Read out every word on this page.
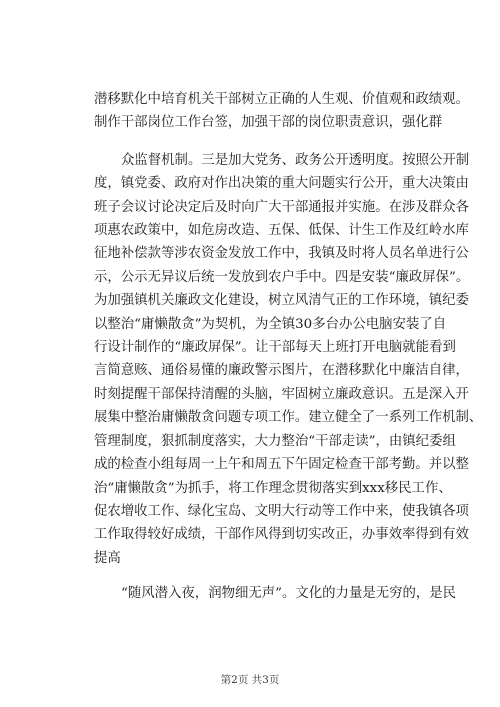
潜移默化中培育机关干部树立正确的人生观、价值观和政绩观。
制作干部岗位工作台签，加强干部的岗位职责意识，强化群
众监督机制。三是加大党务、政务公开透明度。按照公开制
度，镇党委、政府对作出决策的重大问题实行公开，重大决策由
班子会议讨论决定后及时向广大干部通报并实施。在涉及群众各
项惠农政策中，如危房改造、五保、低保、计生工作及红岭水库
征地补偿款等涉农资金发放工作中，我镇及时将人员名单进行公
示，公示无异议后统一发放到农户手中。四是安装“廉政屏保”。
为加强镇机关廉政文化建设，树立风清气正的工作环境，镇纪委
以整治“庸懒散贪”为契机，为全镇30多台办公电脑安装了自
行设计制作的“廉政屏保”。让干部每天上班打开电脑就能看到
言简意赅、通俗易懂的廉政警示图片，在潜移默化中廉洁自律，
时刻提醒干部保持清醒的头脑，牢固树立廉政意识。五是深入开
展集中整治庸懒散贪问题专项工作。建立健全了一系列工作机制、
管理制度，狠抓制度落实，大力整治“干部走读”，由镇纪委组
成的检查小组每周一上午和周五下午固定检查干部考勤。并以整
治“庸懒散贪”为抓手，将工作理念贯彻落实到xxx移民工作、
促农增收工作、绿化宝岛、文明大行动等工作中来，使我镇各项
工作取得较好成绩，干部作风得到切实改正，办事效率得到有效
提高
“随风潜入夜，润物细无声”。文化的力量是无穷的，是民
第2页 共3页
